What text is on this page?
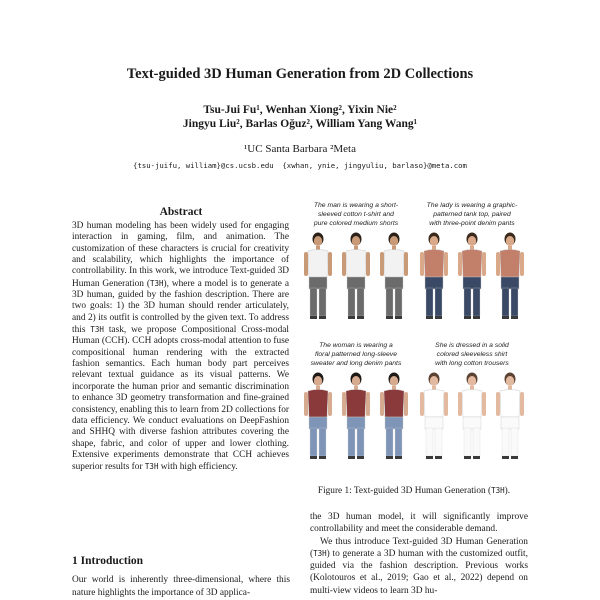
Text-guided 3D Human Generation from 2D Collections
Tsu-Jui Fu¹, Wenhan Xiong², Yixin Nie²
Jingyu Liu², Barlas Oğuz², William Yang Wang¹
¹UC Santa Barbara ²Meta
{tsu-juifu, william}@cs.ucsb.edu  {xwhan, ynie, jingyuliu, barlaso}@meta.com
Abstract
3D human modeling has been widely used for engaging interaction in gaming, film, and animation. The customization of these characters is crucial for creativity and scalability, which highlights the importance of controllability. In this work, we introduce Text-guided 3D Human Generation (T3H), where a model is to generate a 3D human, guided by the fashion description. There are two goals: 1) the 3D human should render articulately, and 2) its outfit is controlled by the given text. To address this T3H task, we propose Compositional Cross-modal Human (CCH). CCH adopts cross-modal attention to fuse compositional human rendering with the extracted fashion semantics. Each human body part perceives relevant textual guidance as its visual patterns. We incorporate the human prior and semantic discrimination to enhance 3D geometry transformation and fine-grained consistency, enabling this to learn from 2D collections for data efficiency. We conduct evaluations on DeepFashion and SHHQ with diverse fashion attributes covering the shape, fabric, and color of upper and lower clothing. Extensive experiments demonstrate that CCH achieves superior results for T3H with high efficiency.
1 Introduction
Our world is inherently three-dimensional, where this nature highlights the importance of 3D applica-
The man is wearing a short-
sleeved cotton t-shirt and
pure colored medium shorts
The lady is wearing a graphic-
patterned tank top, paired
with three-point denim pants
The woman is wearing a
floral patterned long-sleeve
sweater and long denim pants
She is dressed in a solid
colored sleeveless shirt
with long cotton trousers
Figure 1: Text-guided 3D Human Generation (T3H).

the 3D human model, it will significantly improve controllability and meet the considerable demand.

We thus introduce Text-guided 3D Human Generation (T3H) to generate a 3D human with the customized outfit, guided via the fashion description. Previous works (Kolotouros et al., 2019; Gao et al., 2022) depend on multi-view videos to learn 3D hu-
